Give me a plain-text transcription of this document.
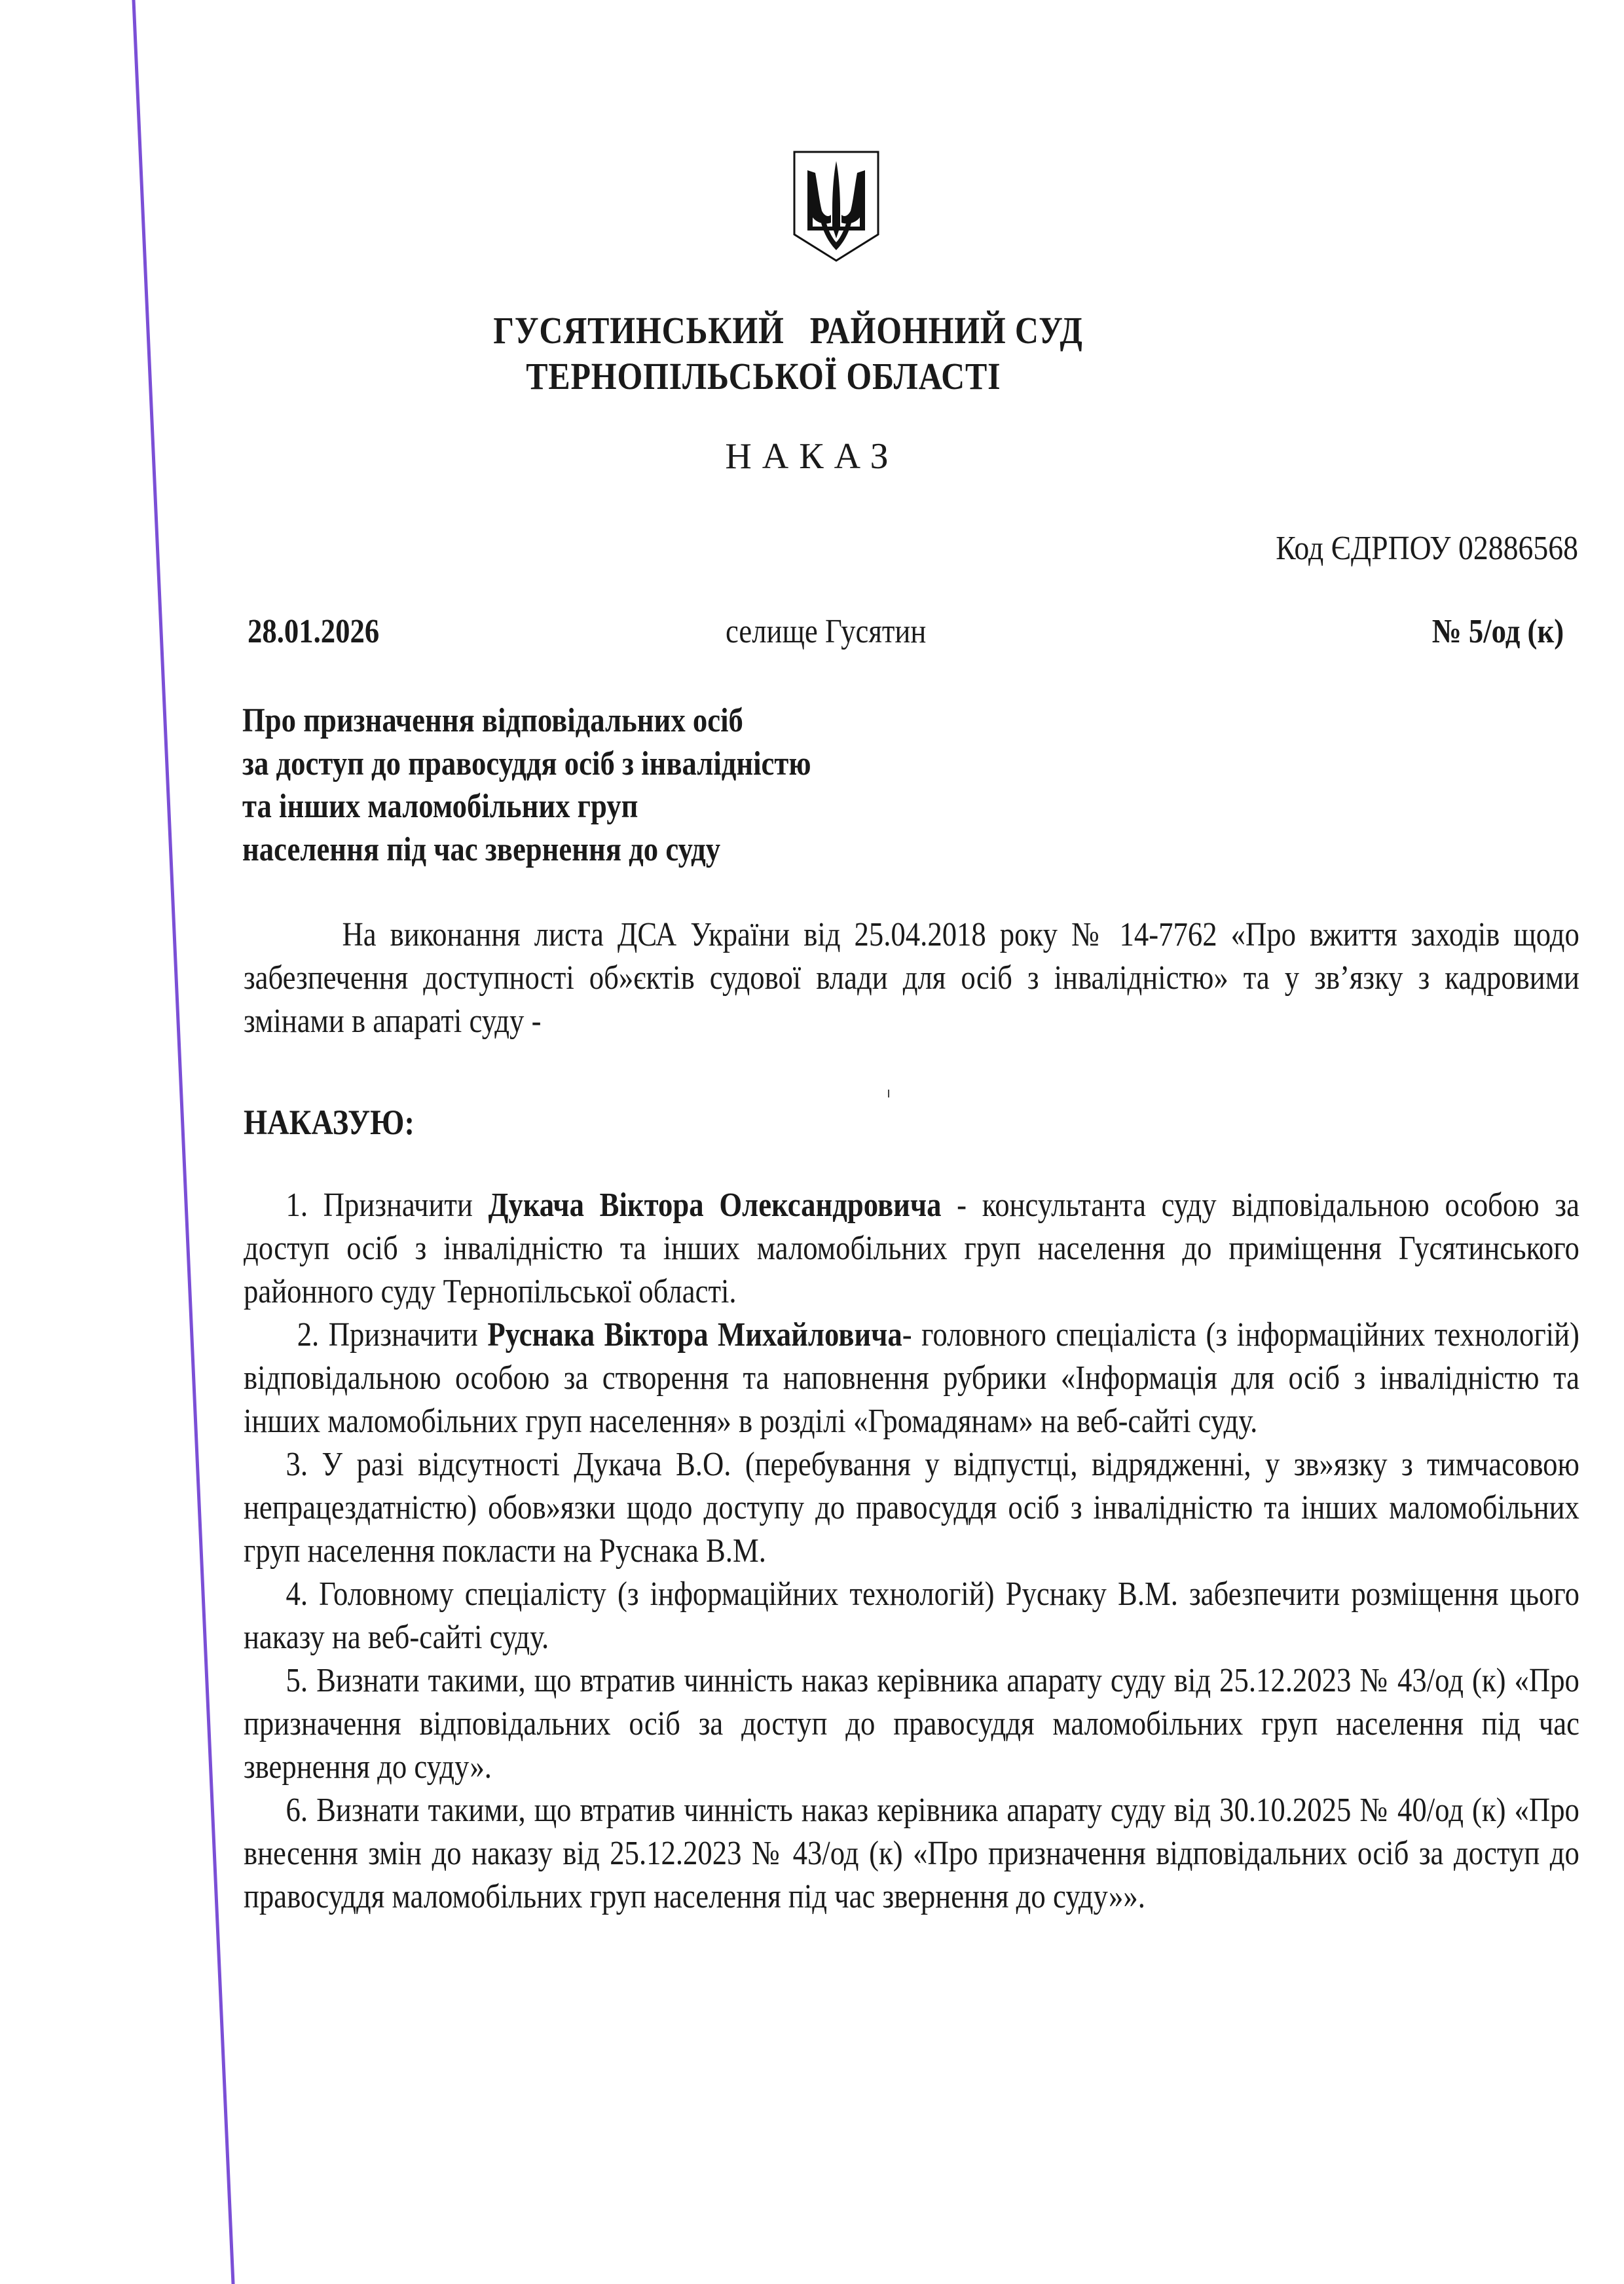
ГУСЯТИНСЬКИЙ РАЙОННИЙ СУД
ТЕРНОПІЛЬСЬКОЇ ОБЛАСТІ
НАКАЗ
Код ЄДРПОУ 02886568
28.01.2026	селище Гусятин	№ 5/од (к)
Про призначення відповідальних осіб
за доступ до правосуддя осіб з інвалідністю
та інших маломобільних груп
населення під час звернення до суду
На виконання листа ДСА України від 25.04.2018 року № 14-7762 «Про вжиття заходів щодо забезпечення доступності об»єктів судової влади для осіб з інвалідністю» та у зв’язку з кадровими змінами в апараті суду -
НАКАЗУЮ:
1. Призначити Дукача Віктора Олександровича - консультанта суду відповідальною особою за доступ осіб з інвалідністю та інших маломобільних груп населення до приміщення Гусятинського районного суду Тернопільської області.
2. Призначити Руснака Віктора Михайловича- головного спеціаліста (з інформаційних технологій) відповідальною особою за створення та наповнення рубрики «Інформація для осіб з інвалідністю та інших маломобільних груп населення» в розділі «Громадянам» на веб-сайті суду.
3. У разі відсутності Дукача В.О. (перебування у відпустці, відрядженні, у зв»язку з тимчасовою непрацездатністю) обов»язки щодо доступу до правосуддя осіб з інвалідністю та інших маломобільних груп населення покласти на Руснака В.М.
4. Головному спеціалісту (з інформаційних технологій) Руснаку В.М. забезпечити розміщення цього наказу на веб-сайті суду.
5. Визнати такими, що втратив чинність наказ керівника апарату суду від 25.12.2023 № 43/од (к) «Про призначення відповідальних осіб за доступ до правосуддя маломобільних груп населення під час звернення до суду».
6. Визнати такими, що втратив чинність наказ керівника апарату суду від 30.10.2025 № 40/од (к) «Про внесення змін до наказу від 25.12.2023 № 43/од (к) «Про призначення відповідальних осіб за доступ до правосуддя маломобільних груп населення під час звернення до суду»».
